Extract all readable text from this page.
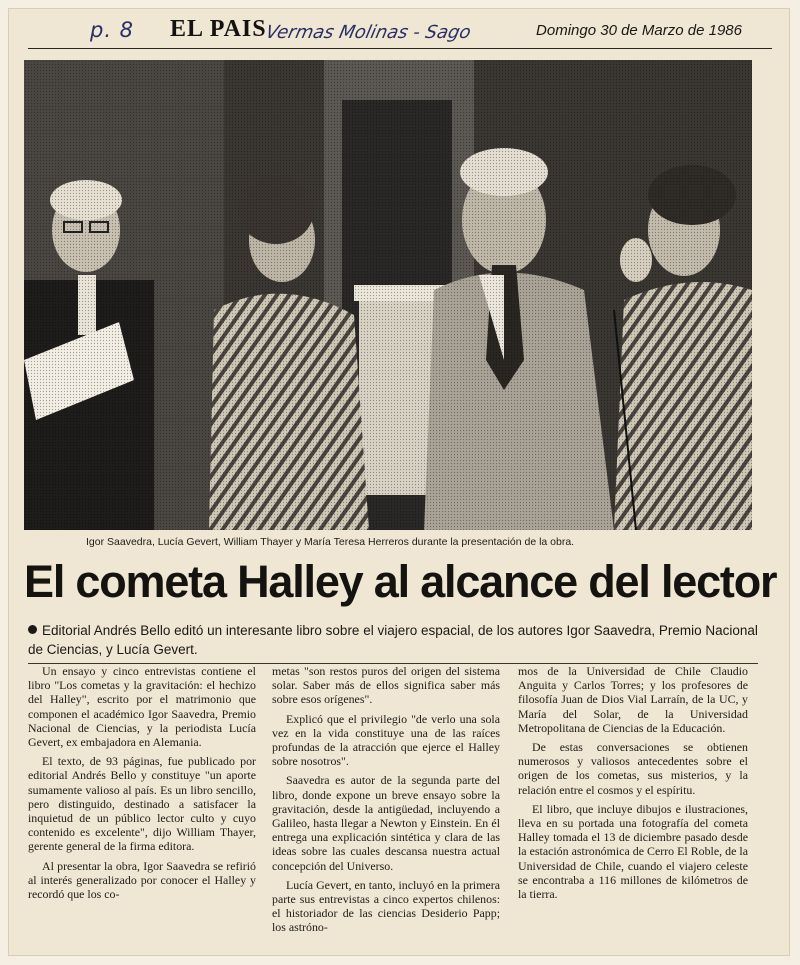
p. 8 EL PAIS
Vermas Molinas - Sago	Domingo 30 de Marzo de 1986
Igor Saavedra, Lucía Gevert, William Thayer y María Teresa Herreros durante la presentación de la obra.
El cometa Halley al alcance del lector
Editorial Andrés Bello editó un interesante libro sobre el viajero espacial, de los autores Igor Saavedra, Premio Nacional de Ciencias, y Lucía Gevert.

Un ensayo y cinco entrevistas contiene el libro "Los cometas y la gravitación: el hechizo del Halley", escrito por el matrimonio que componen el académico Igor Saavedra, Premio Nacional de Ciencias, y la periodista Lucía Gevert, ex embajadora en Alemania.

El texto, de 93 páginas, fue publicado por editorial Andrés Bello y constituye "un aporte sumamente valioso al país. Es un libro sencillo, pero distinguido, destinado a satisfacer la inquietud de un público lector culto y cuyo contenido es excelente", dijo William Thayer, gerente general de la firma editora.

Al presentar la obra, Igor Saavedra se refirió al interés generalizado por conocer el Halley y recordó que los co-

metas "son restos puros del origen del sistema solar. Saber más de ellos significa saber más sobre esos orígenes".

Explicó que el privilegio "de verlo una sola vez en la vida constituye una de las raíces profundas de la atracción que ejerce el Halley sobre nosotros".

Saavedra es autor de la segunda parte del libro, donde expone un breve ensayo sobre la gravitación, desde la antigüedad, incluyendo a Galileo, hasta llegar a Newton y Einstein. En él entrega una explicación sintética y clara de las ideas sobre las cuales descansa nuestra actual concepción del Universo.

Lucía Gevert, en tanto, incluyó en la primera parte sus entrevistas a cinco expertos chilenos: el historiador de las ciencias Desiderio Papp; los astróno-

mos de la Universidad de Chile Claudio Anguita y Carlos Torres; y los profesores de filosofía Juan de Dios Vial Larraín, de la UC, y María del Solar, de la Universidad Metropolitana de Ciencias de la Educación.

De estas conversaciones se obtienen numerosos y valiosos antecedentes sobre el origen de los cometas, sus misterios, y la relación entre el cosmos y el espíritu.

El libro, que incluye dibujos e ilustraciones, lleva en su portada una fotografía del cometa Halley tomada el 13 de diciembre pasado desde la estación astronómica de Cerro El Roble, de la Universidad de Chile, cuando el viajero celeste se encontraba a 116 millones de kilómetros de la tierra.
